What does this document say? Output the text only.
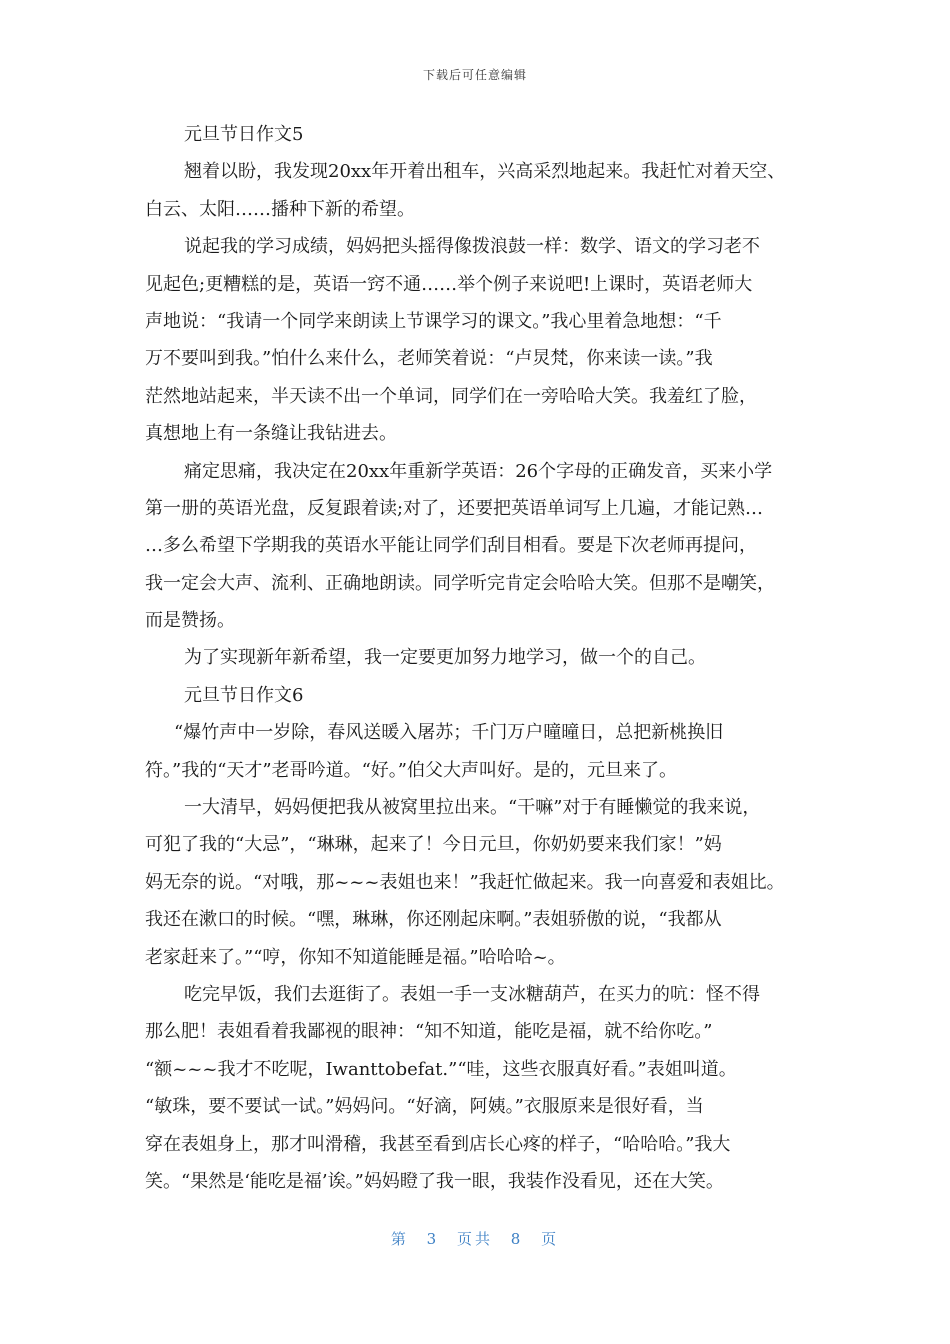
下载后可任意编辑
元旦节日作文5
翘着以盼，我发现20xx年开着出租车，兴高采烈地起来。我赶忙对着天空、
白云、太阳……播种下新的希望。
说起我的学习成绩，妈妈把头摇得像拨浪鼓一样：数学、语文的学习老不
见起色;更糟糕的是，英语一窍不通……举个例子来说吧!上课时，英语老师大
声地说：“我请一个同学来朗读上节课学习的课文。”我心里着急地想：“千
万不要叫到我。”怕什么来什么，老师笑着说：“卢炅梵，你来读一读。”我
茫然地站起来，半天读不出一个单词，同学们在一旁哈哈大笑。我羞红了脸，
真想地上有一条缝让我钻进去。
痛定思痛，我决定在20xx年重新学英语：26个字母的正确发音，买来小学
第一册的英语光盘，反复跟着读;对了，还要把英语单词写上几遍，才能记熟…
…多么希望下学期我的英语水平能让同学们刮目相看。要是下次老师再提问，
我一定会大声、流利、正确地朗读。同学听完肯定会哈哈大笑。但那不是嘲笑，
而是赞扬。
为了实现新年新希望，我一定要更加努力地学习，做一个的自己。
元旦节日作文6
“爆竹声中一岁除，春风送暖入屠苏；千门万户曈曈日，总把新桃换旧
符。”我的“天才”老哥吟道。“好。”伯父大声叫好。是的，元旦来了。
一大清早，妈妈便把我从被窝里拉出来。“干嘛”对于有睡懒觉的我来说，
可犯了我的“大忌”，“琳琳，起来了！今日元旦，你奶奶要来我们家！”妈
妈无奈的说。“对哦，那~~~表姐也来！”我赶忙做起来。我一向喜爱和表姐比。
我还在漱口的时候。“嘿，琳琳，你还刚起床啊。”表姐骄傲的说，“我都从
老家赶来了。”“哼，你知不知道能睡是福。”哈哈哈~。
吃完早饭，我们去逛街了。表姐一手一支冰糖葫芦，在买力的吭：怪不得
那么肥！表姐看着我鄙视的眼神：“知不知道，能吃是福，就不给你吃。”
“额~~~我才不吃呢，Iwanttobefat.”“哇，这些衣服真好看。”表姐叫道。
“敏珠，要不要试一试。”妈妈问。“好滴，阿姨。”衣服原来是很好看，当
穿在表姐身上，那才叫滑稽，我甚至看到店长心疼的样子，“哈哈哈。”我大
笑。“果然是‘能吃是福’诶。”妈妈瞪了我一眼，我装作没看见，还在大笑。
第 3 页共 8 页
